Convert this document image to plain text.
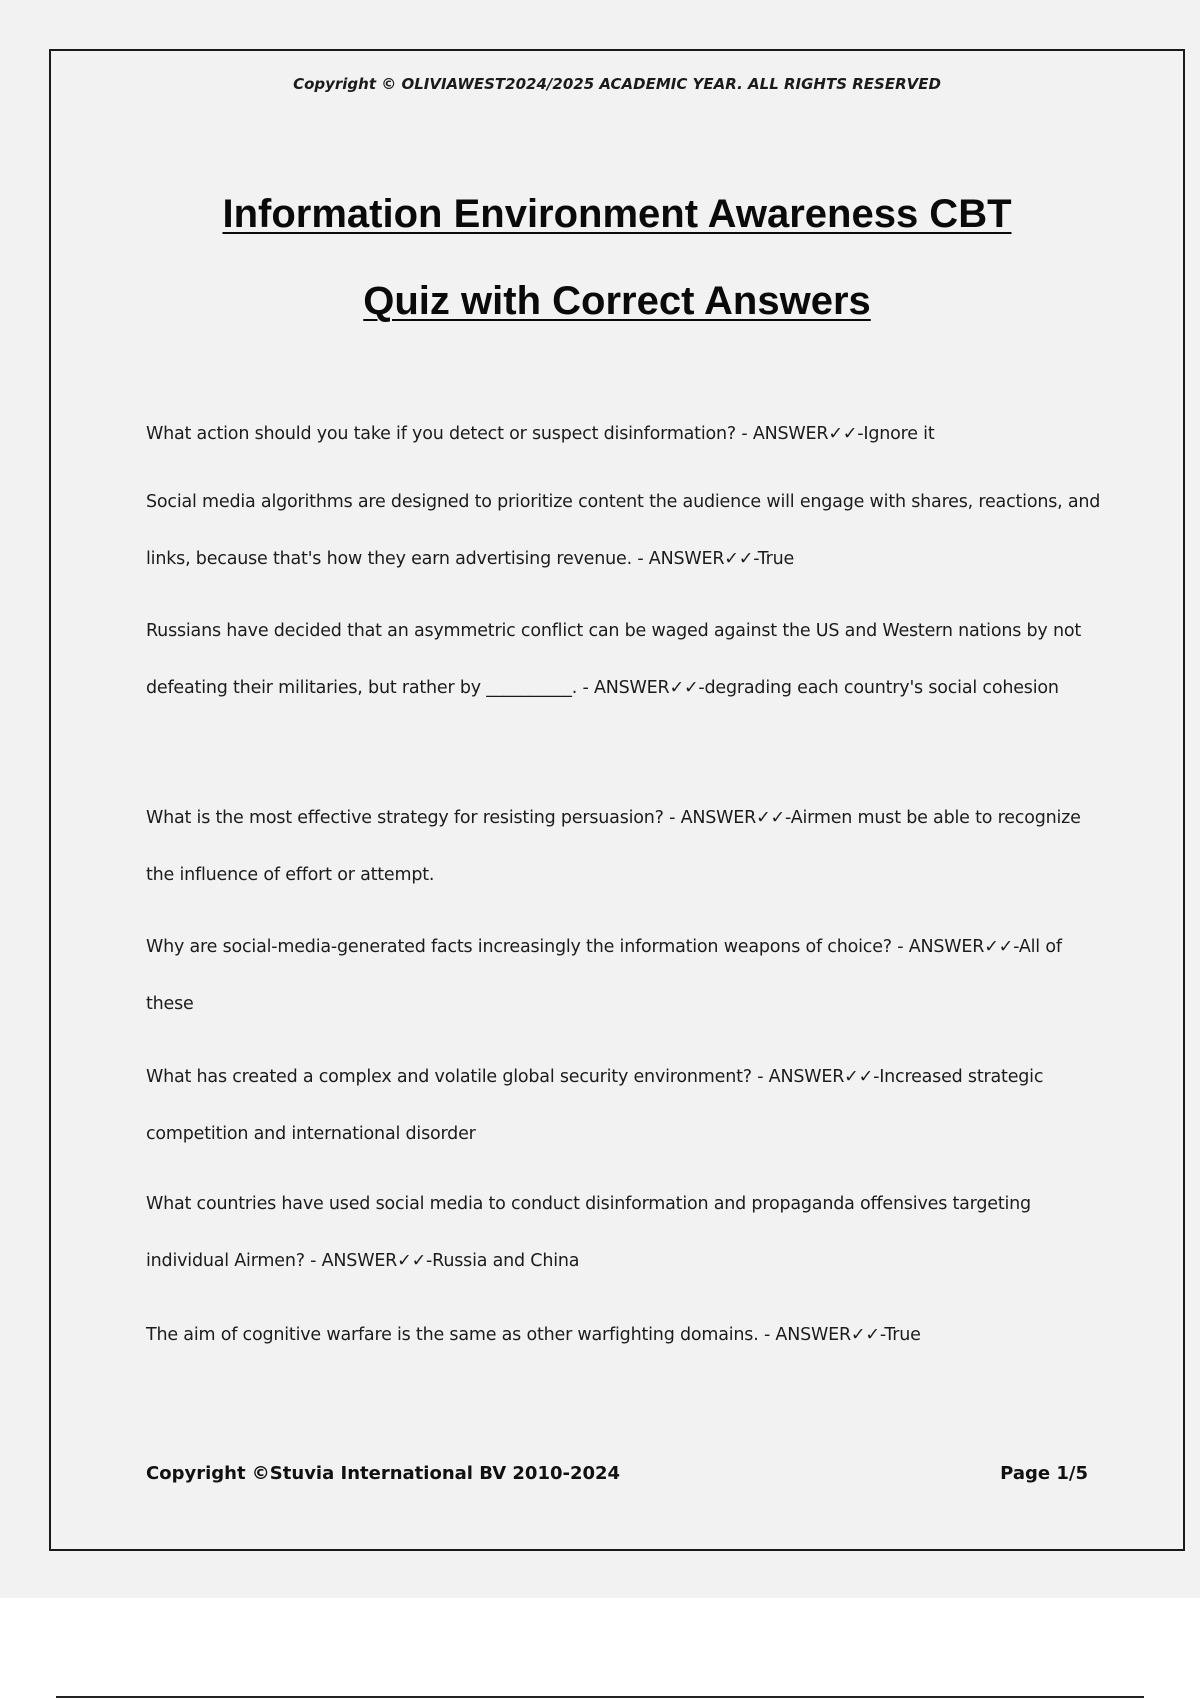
Copyright © OLIVIAWEST2024/2025 ACADEMIC YEAR. ALL RIGHTS RESERVED
Information Environment Awareness CBT
Quiz with Correct Answers
What action should you take if you detect or suspect disinformation? - ANSWER✓✓-Ignore it
Social media algorithms are designed to prioritize content the audience will engage with shares, reactions, and links, because that's how they earn advertising revenue. - ANSWER✓✓-True
Russians have decided that an asymmetric conflict can be waged against the US and Western nations by not defeating their militaries, but rather by __________. - ANSWER✓✓-degrading each country's social cohesion
What is the most effective strategy for resisting persuasion? - ANSWER✓✓-Airmen must be able to recognize the influence of effort or attempt.
Why are social-media-generated facts increasingly the information weapons of choice? - ANSWER✓✓-All of these
What has created a complex and volatile global security environment? - ANSWER✓✓-Increased strategic competition and international disorder
What countries have used social media to conduct disinformation and propaganda offensives targeting individual Airmen? - ANSWER✓✓-Russia and China
The aim of cognitive warfare is the same as other warfighting domains. - ANSWER✓✓-True
Copyright ©Stuvia International BV 2010-2024	Page 1/5
